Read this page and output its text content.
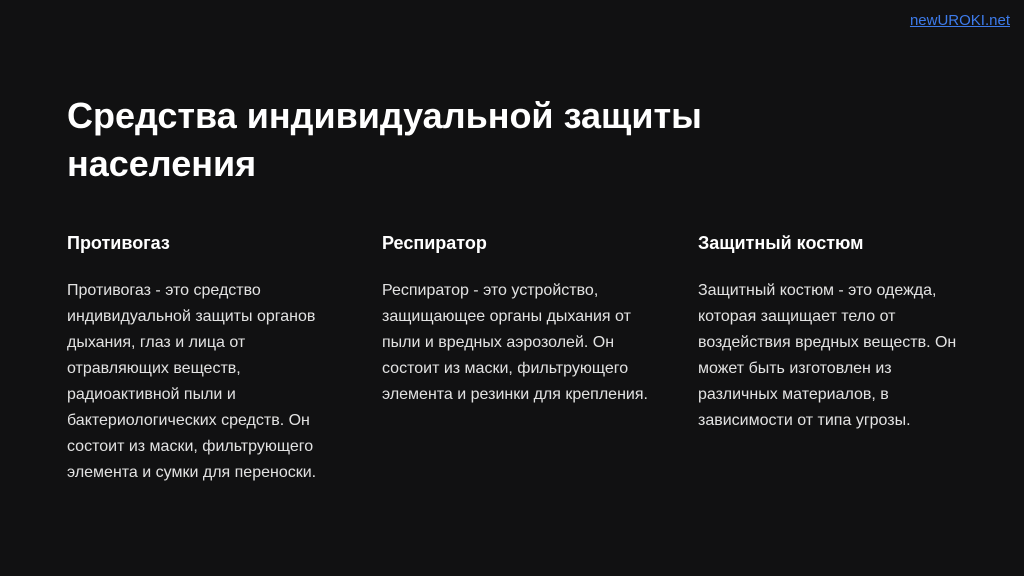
newUROKI.net
Средства индивидуальной защиты населения
Противогаз

Противогаз - это средство индивидуальной защиты органов дыхания, глаз и лица от отравляющих веществ, радиоактивной пыли и бактериологических средств. Он состоит из маски, фильтрующего элемента и сумки для переноски.

Респиратор

Респиратор - это устройство, защищающее органы дыхания от пыли и вредных аэрозолей. Он состоит из маски, фильтрующего элемента и резинки для крепления.

Защитный костюм

Защитный костюм - это одежда, которая защищает тело от воздействия вредных веществ. Он может быть изготовлен из различных материалов, в зависимости от типа угрозы.
